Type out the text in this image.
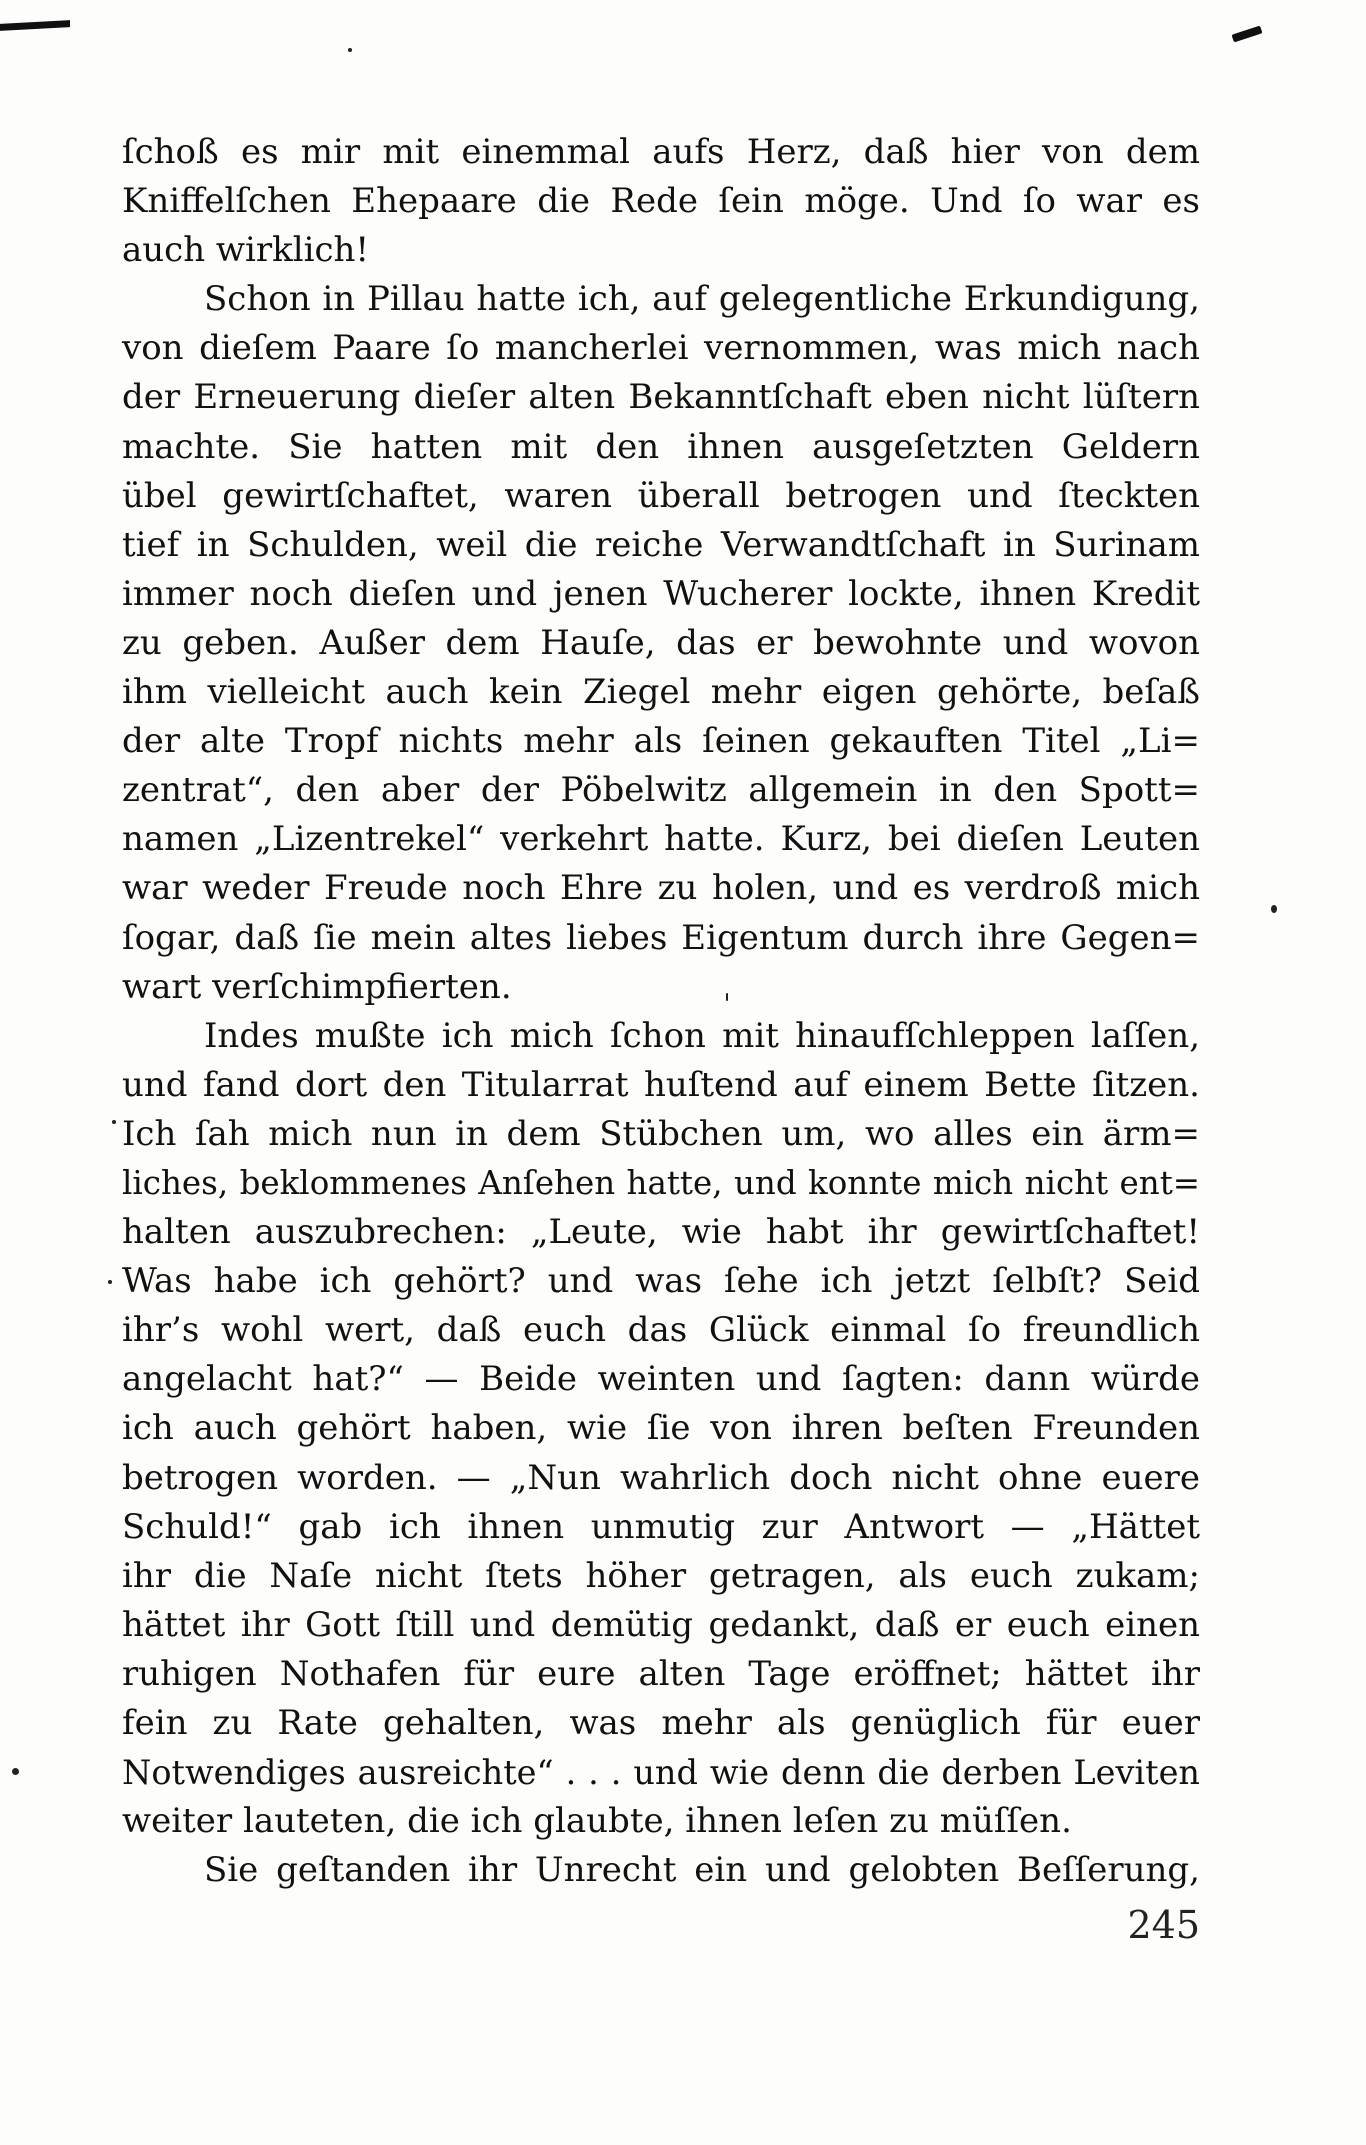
ſchoß es mir mit einemmal aufs Herz, daß hier von dem
Kniffelſchen Ehepaare die Rede ſein möge. Und ſo war es
auch wirklich!
Schon in Pillau hatte ich, auf gelegentliche Erkundigung,
von dieſem Paare ſo mancherlei vernommen, was mich nach
der Erneuerung dieſer alten Bekanntſchaft eben nicht lüſtern
machte. Sie hatten mit den ihnen ausgeſetzten Geldern
übel gewirtſchaftet, waren überall betrogen und ſteckten
tief in Schulden, weil die reiche Verwandtſchaft in Surinam
immer noch dieſen und jenen Wucherer lockte, ihnen Kredit
zu geben. Außer dem Hauſe, das er bewohnte und wovon
ihm vielleicht auch kein Ziegel mehr eigen gehörte, beſaß
der alte Tropf nichts mehr als ſeinen gekauften Titel „Li=
zentrat“, den aber der Pöbelwitz allgemein in den Spott=
namen „Lizentrekel“ verkehrt hatte. Kurz, bei dieſen Leuten
war weder Freude noch Ehre zu holen, und es verdroß mich
ſogar, daß ſie mein altes liebes Eigentum durch ihre Gegen=
wart verſchimpfierten.
Indes mußte ich mich ſchon mit hinaufſchleppen laſſen,
und fand dort den Titularrat huſtend auf einem Bette ſitzen.
Ich ſah mich nun in dem Stübchen um, wo alles ein ärm=
liches, beklommenes Anſehen hatte, und konnte mich nicht ent=
halten auszubrechen: „Leute, wie habt ihr gewirtſchaftet!
Was habe ich gehört? und was ſehe ich jetzt ſelbſt? Seid
ihr’s wohl wert, daß euch das Glück einmal ſo freundlich
angelacht hat?“ — Beide weinten und ſagten: dann würde
ich auch gehört haben, wie ſie von ihren beſten Freunden
betrogen worden. — „Nun wahrlich doch nicht ohne euere
Schuld!“ gab ich ihnen unmutig zur Antwort — „Hättet
ihr die Naſe nicht ſtets höher getragen, als euch zukam;
hättet ihr Gott ſtill und demütig gedankt, daß er euch einen
ruhigen Nothafen für eure alten Tage eröffnet; hättet ihr
fein zu Rate gehalten, was mehr als genüglich für euer
Notwendiges ausreichte“ . . . und wie denn die derben Leviten
weiter lauteten, die ich glaubte, ihnen leſen zu müſſen.
Sie geſtanden ihr Unrecht ein und gelobten Beſſerung,
245
